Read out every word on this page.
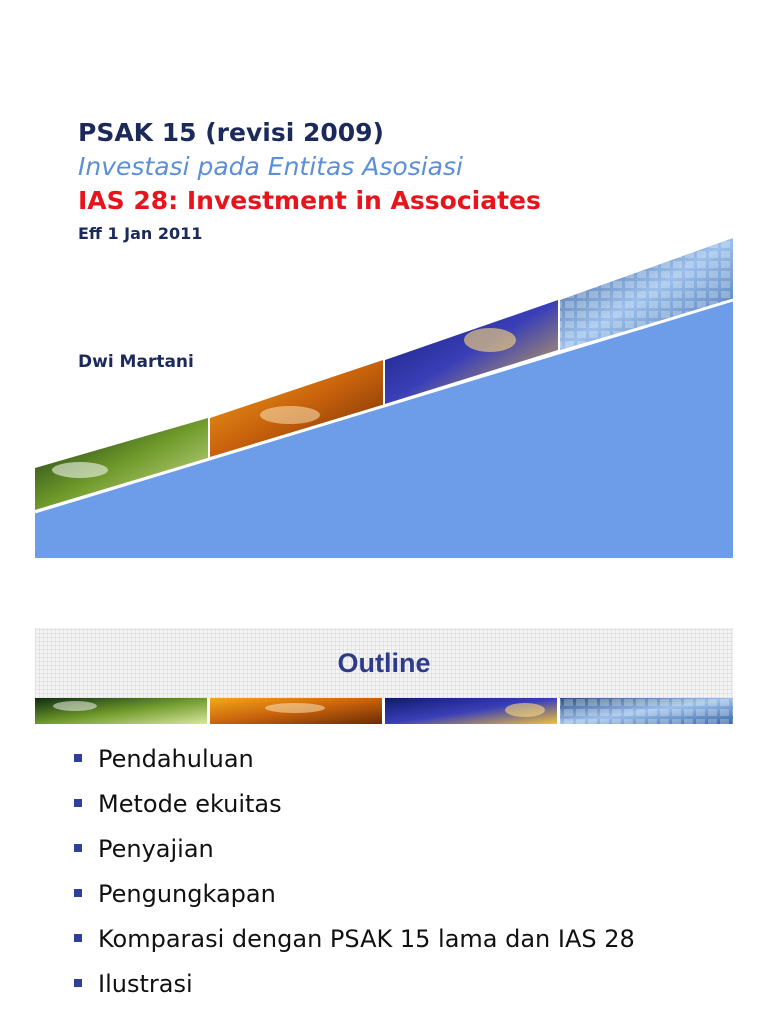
PSAK 15 (revisi 2009)
Investasi pada Entitas Asosiasi
IAS 28: Investment in Associates
Eff 1 Jan 2011
Dwi Martani
Outline
Pendahuluan
Metode ekuitas
Penyajian
Pengungkapan
Komparasi dengan PSAK 15 lama dan IAS 28
Ilustrasi
